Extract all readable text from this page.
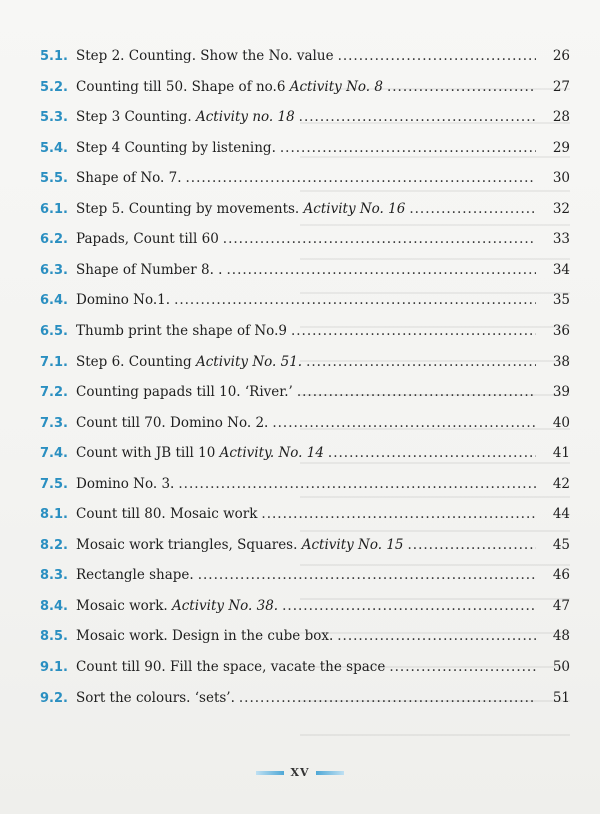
5.1. Step 2. Counting. Show the No. value .....	26
5.2. Counting till 50. Shape of no.6 Activity No. 8 .....	27
5.3. Step 3 Counting. Activity no. 18 .....	28
5.4. Step 4 Counting by listening. .....	29
5.5. Shape of No. 7. .....	30
6.1. Step 5. Counting by movements. Activity No. 16 .....	32
6.2. Papads, Count till 60 .....	33
6.3. Shape of Number 8. . .....	34
6.4. Domino No.1. .....	35
6.5. Thumb print the shape of No.9 .....	36
7.1. Step 6. Counting Activity No. 51. .....	38
7.2. Counting papads till 10. ‘River.’ .....	39
7.3. Count till 70. Domino No. 2. .....	40
7.4. Count with JB till 10 Activity. No. 14 .....	41
7.5. Domino No. 3. .....	42
8.1. Count till 80. Mosaic work .....	44
8.2. Mosaic work triangles, Squares. Activity No. 15 .....	45
8.3. Rectangle shape. .....	46
8.4. Mosaic work. Activity No. 38. .....	47
8.5. Mosaic work. Design in the cube box. .....	48
9.1. Count till 90. Fill the space, vacate the space .....	50
9.2. Sort the colours. ‘sets’. .....	51
XV
